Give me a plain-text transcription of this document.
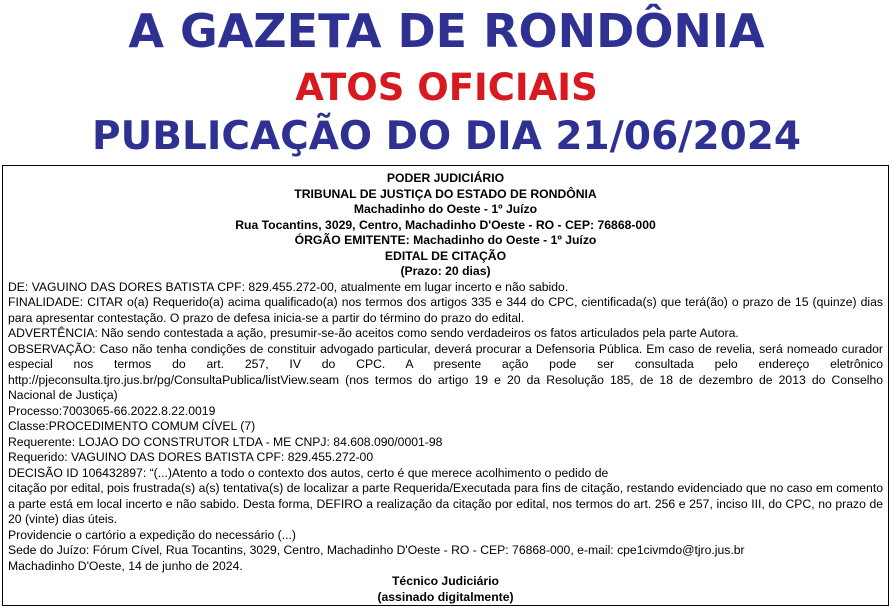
A GAZETA DE RONDÔNIA
ATOS OFICIAIS
PUBLICAÇÃO DO DIA 21/06/2024
PODER JUDICIÁRIO
TRIBUNAL DE JUSTIÇA DO ESTADO DE RONDÔNIA
Machadinho do Oeste - 1º Juízo
Rua Tocantins, 3029, Centro, Machadinho D'Oeste - RO - CEP: 76868-000
ÓRGÃO EMITENTE: Machadinho do Oeste - 1º Juízo
EDITAL DE CITAÇÃO
(Prazo: 20 dias)
DE: VAGUINO DAS DORES BATISTA CPF: 829.455.272-00, atualmente em lugar incerto e não sabido.
FINALIDADE: CITAR o(a) Requerido(a) acima qualificado(a) nos termos dos artigos 335 e 344 do CPC, cientificada(s) que terá(ão) o prazo de 15 (quinze) dias para apresentar contestação. O prazo de defesa inicia-se a partir do término do prazo do edital.
ADVERTÊNCIA: Não sendo contestada a ação, presumir-se-ão aceitos como sendo verdadeiros os fatos articulados pela parte Autora.
OBSERVAÇÃO: Caso não tenha condições de constituir advogado particular, deverá procurar a Defensoria Pública. Em caso de revelia, será nomeado curador especial nos termos do art. 257, IV do CPC. A presente ação pode ser consultada pelo endereço eletrônico http://pjeconsulta.tjro.jus.br/pg/ConsultaPublica/listView.seam (nos termos do artigo 19 e 20 da Resolução 185, de 18 de dezembro de 2013 do Conselho Nacional de Justiça)
Processo:7003065-66.2022.8.22.0019
Classe:PROCEDIMENTO COMUM CÍVEL (7)
Requerente: LOJAO DO CONSTRUTOR LTDA - ME CNPJ: 84.608.090/0001-98
Requerido: VAGUINO DAS DORES BATISTA CPF: 829.455.272-00
DECISÃO ID 106432897: “(...)Atento a todo o contexto dos autos, certo é que merece acolhimento o pedido de
citação por edital, pois frustrada(s) a(s) tentativa(s) de localizar a parte Requerida/Executada para fins de citação, restando evidenciado que no caso em comento a parte está em local incerto e não sabido. Desta forma, DEFIRO a realização da citação por edital, nos termos do art. 256 e 257, inciso III, do CPC, no prazo de 20 (vinte) dias úteis.
Providencie o cartório a expedição do necessário (...)
Sede do Juízo: Fórum Cível, Rua Tocantins, 3029, Centro, Machadinho D'Oeste - RO - CEP: 76868-000, e-mail: cpe1civmdo@tjro.jus.br
Machadinho D'Oeste, 14 de junho de 2024.
Técnico Judiciário
(assinado digitalmente)
